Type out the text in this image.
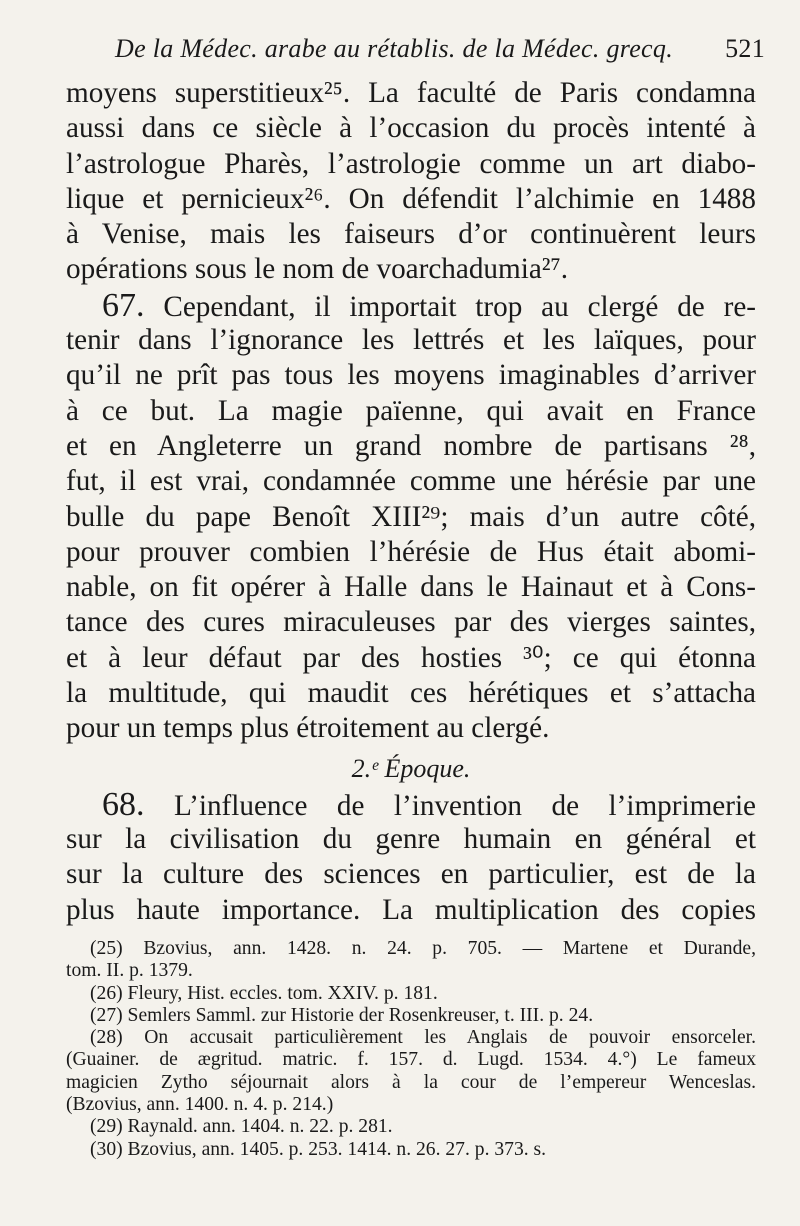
De la Médec. arabe au rétablis. de la Médec. grecq. 521
moyens superstitieux²⁵. La faculté de Paris condamna
aussi dans ce siècle à l’occasion du procès intenté à
l’astrologue Pharès, l’astrologie comme un art diabo-
lique et pernicieux²⁶. On défendit l’alchimie en 1488
à Venise, mais les faiseurs d’or continuèrent leurs
opérations sous le nom de voarchadumia²⁷.
67. Cependant, il importait trop au clergé de re-
tenir dans l’ignorance les lettrés et les laïques, pour
qu’il ne prît pas tous les moyens imaginables d’arriver
à ce but. La magie païenne, qui avait en France
et en Angleterre un grand nombre de partisans ²⁸,
fut, il est vrai, condamnée comme une hérésie par une
bulle du pape Benoît XIII²⁹; mais d’un autre côté,
pour prouver combien l’hérésie de Hus était abomi-
nable, on fit opérer à Halle dans le Hainaut et à Cons-
tance des cures miraculeuses par des vierges saintes,
et à leur défaut par des hosties ³⁰; ce qui étonna
la multitude, qui maudit ces hérétiques et s’attacha
pour un temps plus étroitement au clergé.
2.ᵉ Époque.
68. L’influence de l’invention de l’imprimerie
sur la civilisation du genre humain en général et
sur la culture des sciences en particulier, est de la
plus haute importance. La multiplication des copies
(25) Bzovius, ann. 1428. n. 24. p. 705. — Martene et Durande,
tom. II. p. 1379.
(26) Fleury, Hist. eccles. tom. XXIV. p. 181.
(27) Semlers Samml. zur Historie der Rosenkreuser, t. III. p. 24.
(28) On accusait particulièrement les Anglais de pouvoir ensorceler.
(Guainer. de ægritud. matric. f. 157. d. Lugd. 1534. 4.°) Le fameux
magicien Zytho séjournait alors à la cour de l’empereur Wenceslas.
(Bzovius, ann. 1400. n. 4. p. 214.)
(29) Raynald. ann. 1404. n. 22. p. 281.
(30) Bzovius, ann. 1405. p. 253. 1414. n. 26. 27. p. 373. s.
